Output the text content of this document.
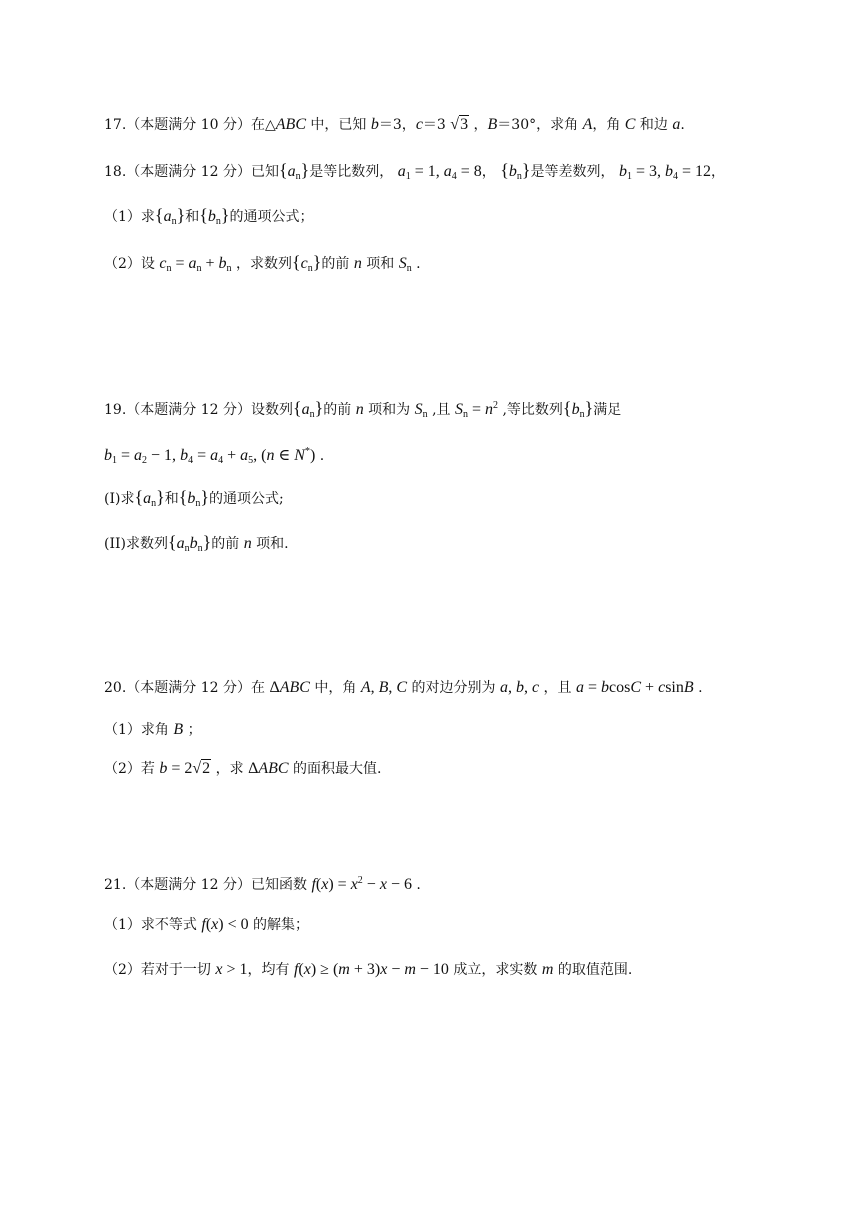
17.（本题满分 10 分）在△ABC 中，已知 b＝3，c＝3 √3 ，B＝30°，求角 A，角 C 和边 a.
18.（本题满分 12 分）已知$\{a_n\}$是等比数列， $a_1 = 1$, $a_4 = 8$， $\{b_n\}$是等差数列， $b_1 = 3$, $b_4 = 12$，
（1）求$\{a_n\}$和$\{b_n\}$的通项公式；
（2）设 $c_n = a_n + b_n$ ，求数列$\{c_n\}$的前 n 项和 $S_n$ .
19.（本题满分 12 分）设数列$\{a_n\}$的前 n 项和为 $S_n$ ,且 $S_n = n^2$ ,等比数列$\{b_n\}$满足
$b_1 = a_2 - 1$, $b_4 = a_4 + a_5$, (n ∈ N*) .
(I)求$\{a_n\}$和$\{b_n\}$的通项公式;
(II)求数列$\{a_nb_n\}$的前 n 项和.
20.（本题满分 12 分）在 ΔABC 中，角 A, B, C 的对边分别为 a, b, c ，且 a = bcosC + csinB .
（1）求角 B ；
（2）若 b = 2√2 ，求 ΔABC 的面积最大值.
21.（本题满分 12 分）已知函数 $f(x) = x^2 - x - 6$ .
（1）求不等式 f(x) < 0 的解集；
（2）若对于一切 x > 1，均有 f(x) ≥ (m + 3)x − m − 10 成立，求实数 m 的取值范围.
